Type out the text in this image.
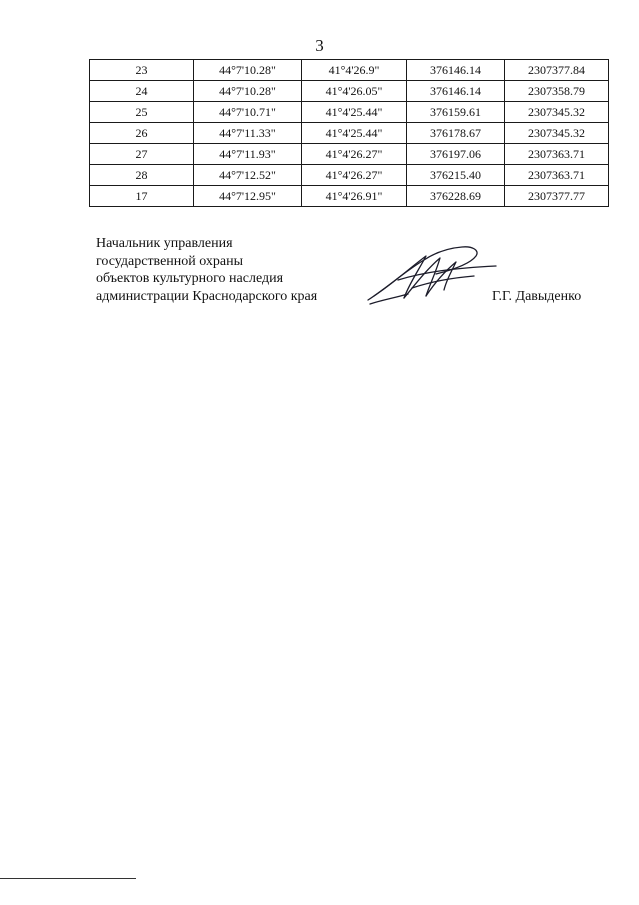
3
23	44°7'10.28"	41°4'26.9"	376146.14	2307377.84
24	44°7'10.28"	41°4'26.05"	376146.14	2307358.79
25	44°7'10.71"	41°4'25.44"	376159.61	2307345.32
26	44°7'11.33"	41°4'25.44"	376178.67	2307345.32
27	44°7'11.93"	41°4'26.27"	376197.06	2307363.71
28	44°7'12.52"	41°4'26.27"	376215.40	2307363.71
17	44°7'12.95"	41°4'26.91"	376228.69	2307377.77
Начальник управления
государственной охраны
объектов культурного наследия
администрации Краснодарского края	Г.Г. Давыденко
